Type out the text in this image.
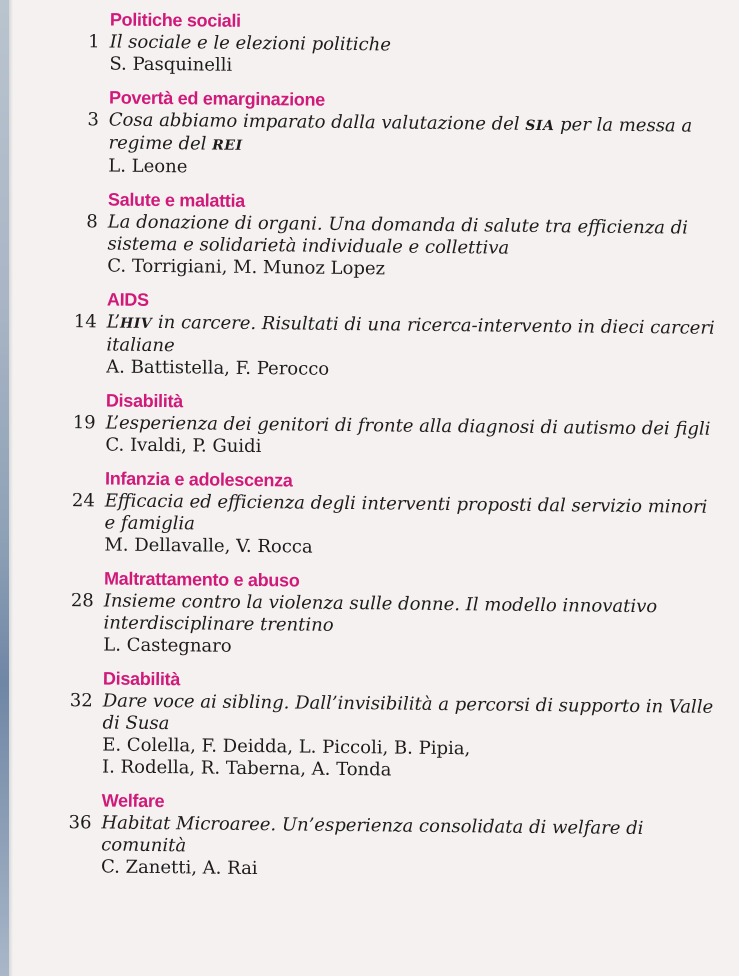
Politiche sociali
1 Il sociale e le elezioni politiche
S. Pasquinelli
Povertà ed emarginazione
3 Cosa abbiamo imparato dalla valutazione del SIA per la messa a regime del REI
L. Leone
Salute e malattia
8 La donazione di organi. Una domanda di salute tra efficienza di sistema e solidarietà individuale e collettiva
C. Torrigiani, M. Munoz Lopez
AIDS
14 L’HIV in carcere. Risultati di una ricerca-intervento in dieci carceri italiane
A. Battistella, F. Perocco
Disabilità
19 L’esperienza dei genitori di fronte alla diagnosi di autismo dei figli
C. Ivaldi, P. Guidi
Infanzia e adolescenza
24 Efficacia ed efficienza degli interventi proposti dal servizio minori e famiglia
M. Dellavalle, V. Rocca
Maltrattamento e abuso
28 Insieme contro la violenza sulle donne. Il modello innovativo interdisciplinare trentino
L. Castegnaro
Disabilità
32 Dare voce ai sibling. Dall’invisibilità a percorsi di supporto in Valle di Susa
E. Colella, F. Deidda, L. Piccoli, B. Pipia,
I. Rodella, R. Taberna, A. Tonda
Welfare
36 Habitat Microaree. Un’esperienza consolidata di welfare di comunità
C. Zanetti, A. Rai
